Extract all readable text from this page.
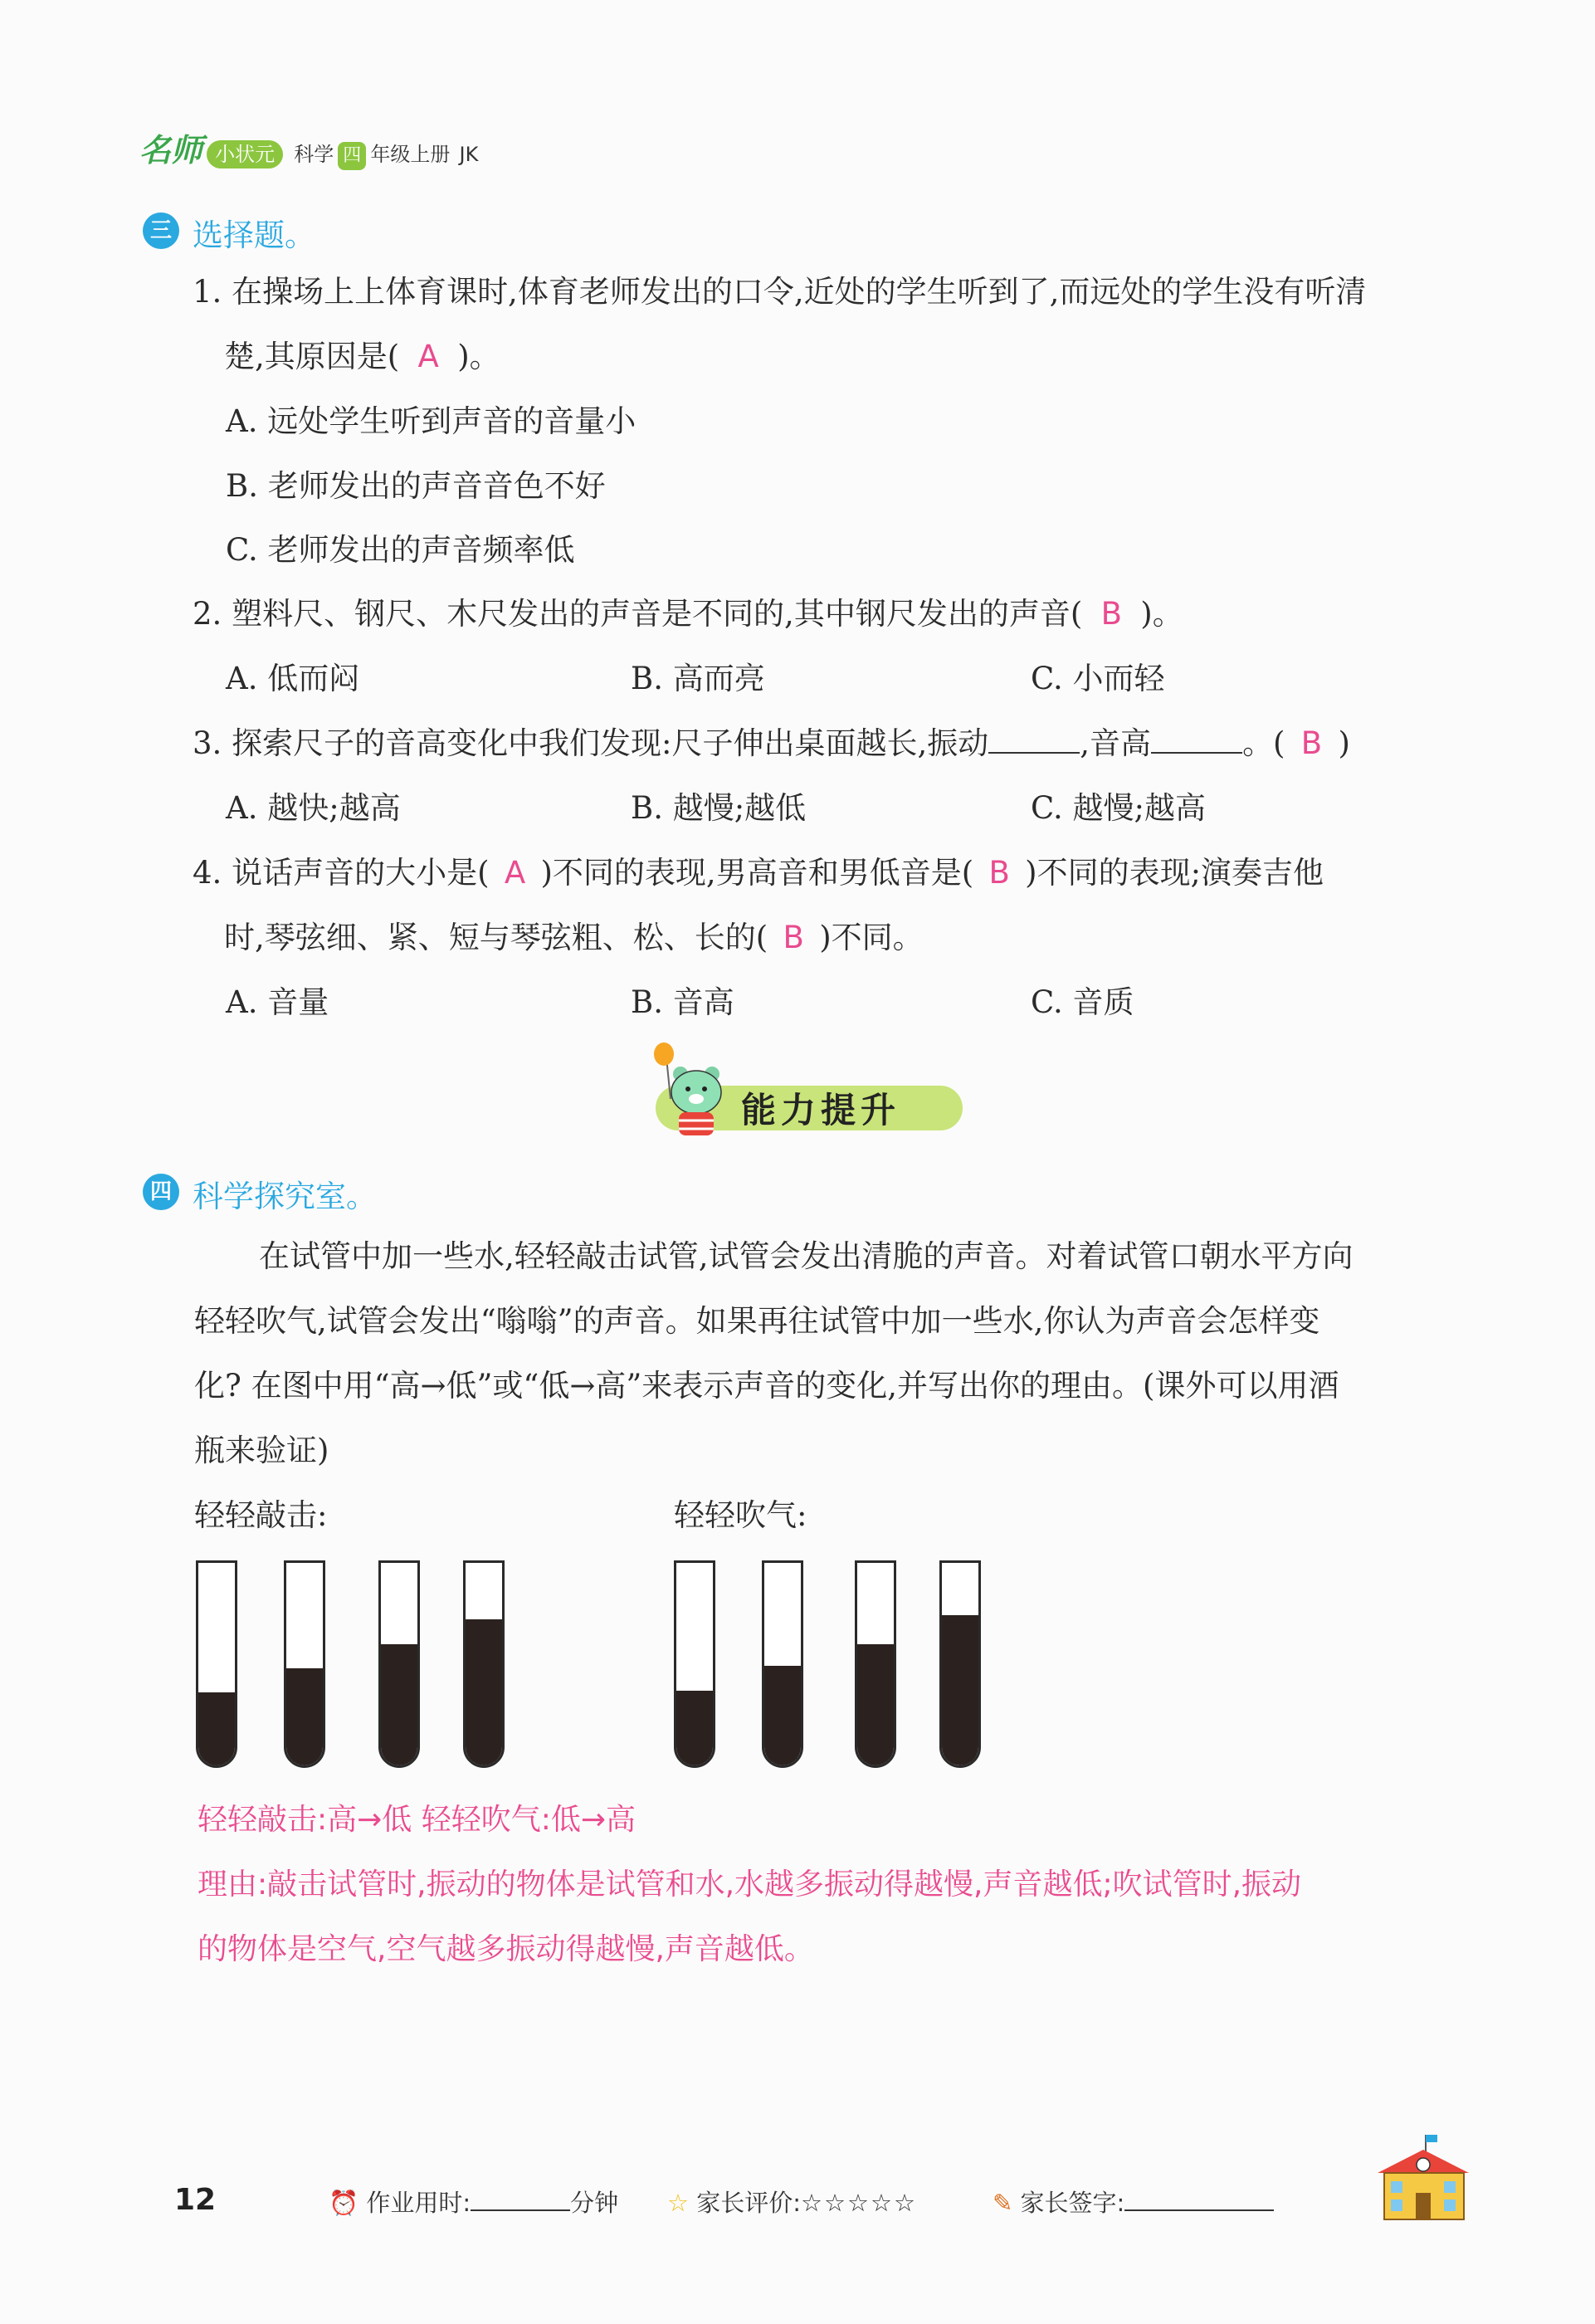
名师 小状元 科学 四 年级上册 JK
三 选择题。
1. 在操场上上体育课时,体育老师发出的口令,近处的学生听到了,而远处的学生没有听清
楚,其原因是( A )。
A. 远处学生听到声音的音量小
B. 老师发出的声音音色不好
C. 老师发出的声音频率低
2. 塑料尺、钢尺、木尺发出的声音是不同的,其中钢尺发出的声音( B )。
A. 低而闷	B. 高而亮	C. 小而轻
3. 探索尺子的音高变化中我们发现:尺子伸出桌面越长,振动	,音高	。( B )
A. 越快;越高	B. 越慢;越低	C. 越慢;越高
4. 说话声音的大小是( A )不同的表现,男高音和男低音是( B )不同的表现;演奏吉他
时,琴弦细、紧、短与琴弦粗、松、长的( B )不同。
A. 音量	B. 音高	C. 音质
能力提升
四 科学探究室。
在试管中加一些水,轻轻敲击试管,试管会发出清脆的声音。对着试管口朝水平方向
轻轻吹气,试管会发出“嗡嗡”的声音。如果再往试管中加一些水,你认为声音会怎样变
化? 在图中用“高→低”或“低→高”来表示声音的变化,并写出你的理由。(课外可以用酒
瓶来验证)
轻轻敲击:	轻轻吹气:
轻轻敲击:高→低 轻轻吹气:低→高
理由:敲击试管时,振动的物体是试管和水,水越多振动得越慢,声音越低;吹试管时,振动
的物体是空气,空气越多振动得越慢,声音越低。
12	⏰ 作业用时:	分钟 ☆ 家长评价:☆☆☆☆☆	✎ 家长签字:
